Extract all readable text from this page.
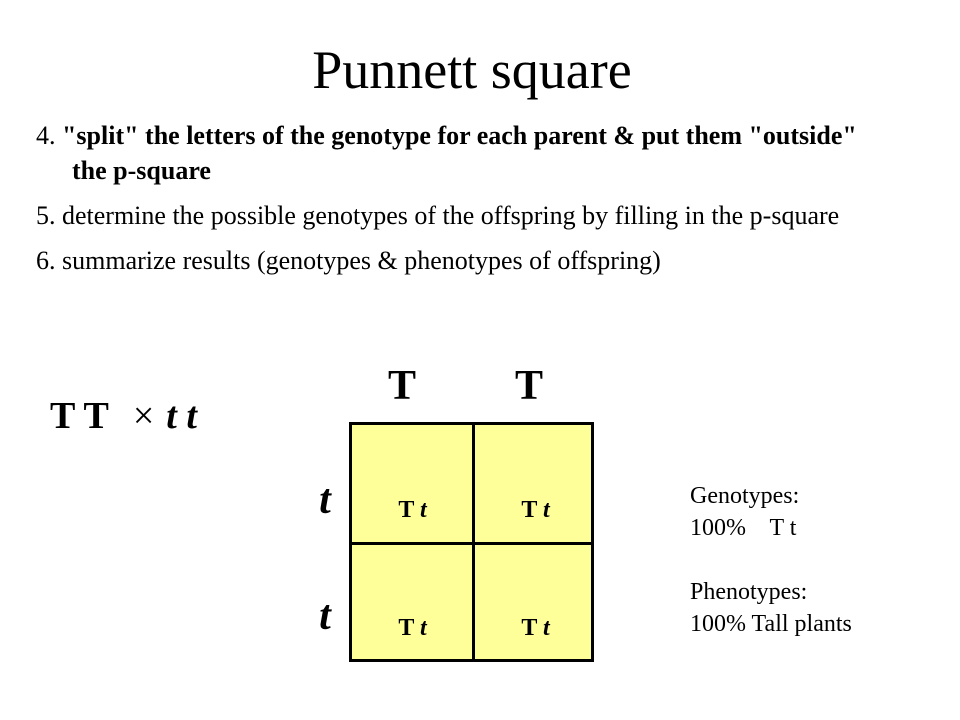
Punnett square

4. "split" the letters of the genotype for each parent & put them "outside" the p-square

5. determine the possible genotypes of the offspring by filling in the p-square

6. summarize results (genotypes & phenotypes of offspring)

T T × t t
T	T
t
t
T t	T t
T t	T t
Genotypes:
100%    T t
Phenotypes:
100% Tall plants
